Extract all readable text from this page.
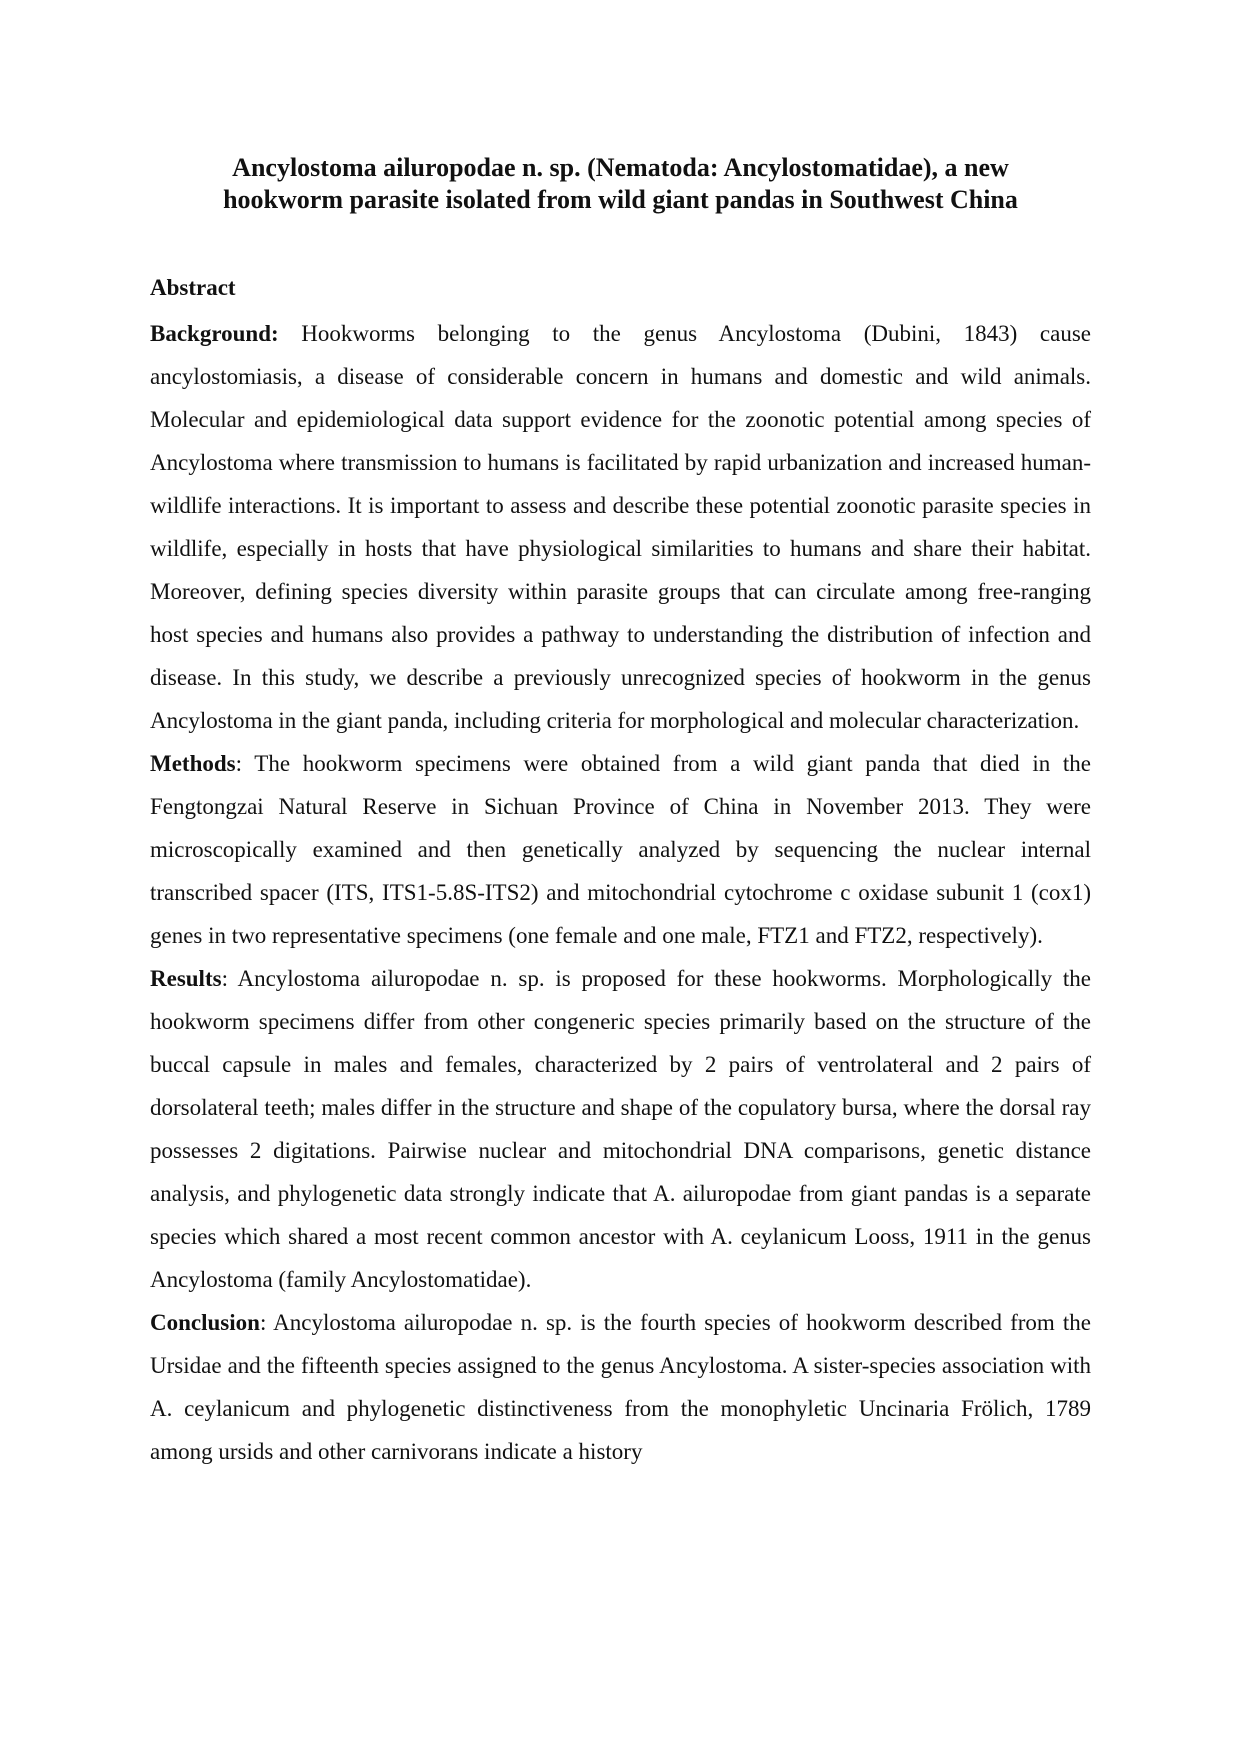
Ancylostoma ailuropodae n. sp. (Nematoda: Ancylostomatidae), a new
hookworm parasite isolated from wild giant pandas in Southwest China
Abstract

Background: Hookworms belonging to the genus Ancylostoma (Dubini, 1843) cause ancylostomiasis, a disease of considerable concern in humans and domestic and wild animals. Molecular and epidemiological data support evidence for the zoonotic potential among species of Ancylostoma where transmission to humans is facilitated by rapid urbanization and increased human-wildlife interactions. It is important to assess and describe these potential zoonotic parasite species in wildlife, especially in hosts that have physiological similarities to humans and share their habitat. Moreover, defining species diversity within parasite groups that can circulate among free-ranging host species and humans also provides a pathway to understanding the distribution of infection and disease. In this study, we describe a previously unrecognized species of hookworm in the genus Ancylostoma in the giant panda, including criteria for morphological and molecular characterization.

Methods: The hookworm specimens were obtained from a wild giant panda that died in the Fengtongzai Natural Reserve in Sichuan Province of China in November 2013. They were microscopically examined and then genetically analyzed by sequencing the nuclear internal transcribed spacer (ITS, ITS1-5.8S-ITS2) and mitochondrial cytochrome c oxidase subunit 1 (cox1) genes in two representative specimens (one female and one male, FTZ1 and FTZ2, respectively).

Results: Ancylostoma ailuropodae n. sp. is proposed for these hookworms. Morphologically the hookworm specimens differ from other congeneric species primarily based on the structure of the buccal capsule in males and females, characterized by 2 pairs of ventrolateral and 2 pairs of dorsolateral teeth; males differ in the structure and shape of the copulatory bursa, where the dorsal ray possesses 2 digitations. Pairwise nuclear and mitochondrial DNA comparisons, genetic distance analysis, and phylogenetic data strongly indicate that A. ailuropodae from giant pandas is a separate species which shared a most recent common ancestor with A. ceylanicum Looss, 1911 in the genus Ancylostoma (family Ancylostomatidae).

Conclusion: Ancylostoma ailuropodae n. sp. is the fourth species of hookworm described from the Ursidae and the fifteenth species assigned to the genus Ancylostoma. A sister-species association with A. ceylanicum and phylogenetic distinctiveness from the monophyletic Uncinaria Frölich, 1789 among ursids and other carnivorans indicate a history
